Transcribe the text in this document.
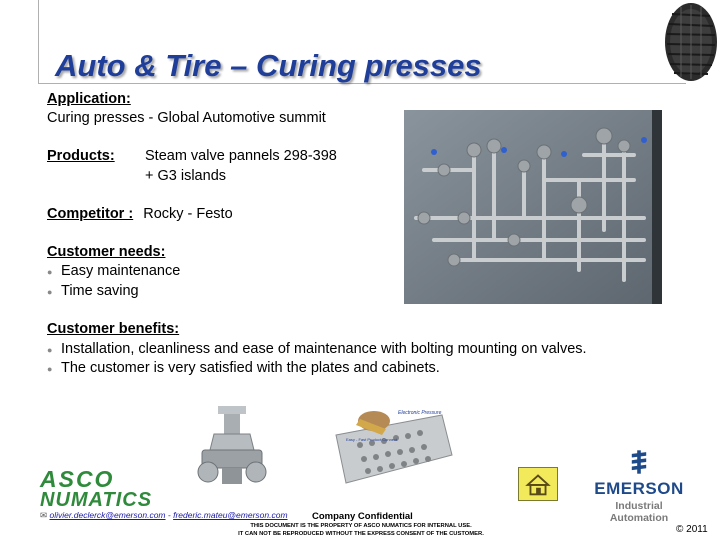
Auto & Tire – Curing presses
Application:
Curing presses - Global Automotive summit
Products: Steam valve pannels 298-398
+ G3 islands
Competitor : Rocky - Festo
Customer needs:
● Easy maintenance
● Time saving
Customer benefits:
● Installation, cleanliness and ease of maintenance with bolting mounting on valves.
● The customer is very satisfied with the plates and cabinets.
Electronic Pressure
Easy - Fast Product Connect
ASCO
NUMATICS
EMERSON
Industrial Automation
✉ olivier.declerck@emerson.com - frederic.mateu@emerson.com	Company Confidential
THIS DOCUMENT IS THE PROPERTY OF ASCO NUMATICS FOR INTERNAL USE.
IT CAN NOT BE REPRODUCED WITHOUT THE EXPRESS CONSENT OF THE CUSTOMER.	© 2011
